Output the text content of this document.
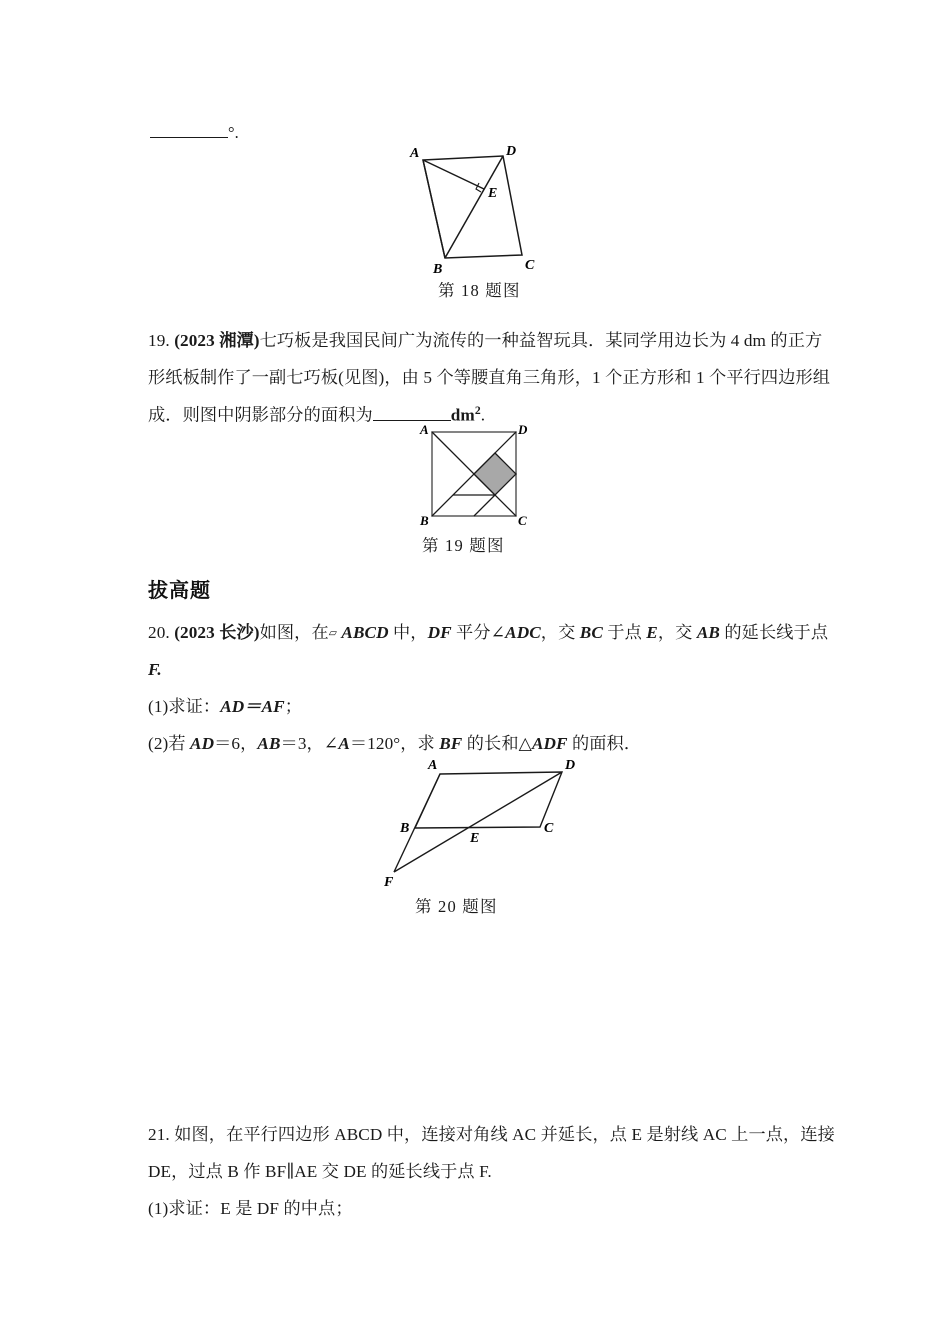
°.
A	D
E
B	C
第 18 题图
19. (2023 湘潭)七巧板是我国民间广为流传的一种益智玩具．某同学用边长为 4 dm 的正方
形纸板制作了一副七巧板(见图)，由 5 个等腰直角三角形，1 个正方形和 1 个平行四边形组
成．则图中阴影部分的面积为	$dm^2$.
A	D
B	C
第 19 题图
拔高题
20. (2023 长沙)如图，在▱ ABCD 中，DF 平分∠ADC，交 BC 于点 E，交 AB 的延长线于点
F.
(1)求证：AD＝AF；
(2)若 AD＝6，AB＝3，∠A＝120°，求 BF 的长和△ADF 的面积．
A	D
B
E
C
F
第 20 题图
21. 如图，在平行四边形 ABCD 中，连接对角线 AC 并延长，点 E 是射线 AC 上一点，连接
DE，过点 B 作 BF∥AE 交 DE 的延长线于点 F.
(1)求证：E 是 DF 的中点；
